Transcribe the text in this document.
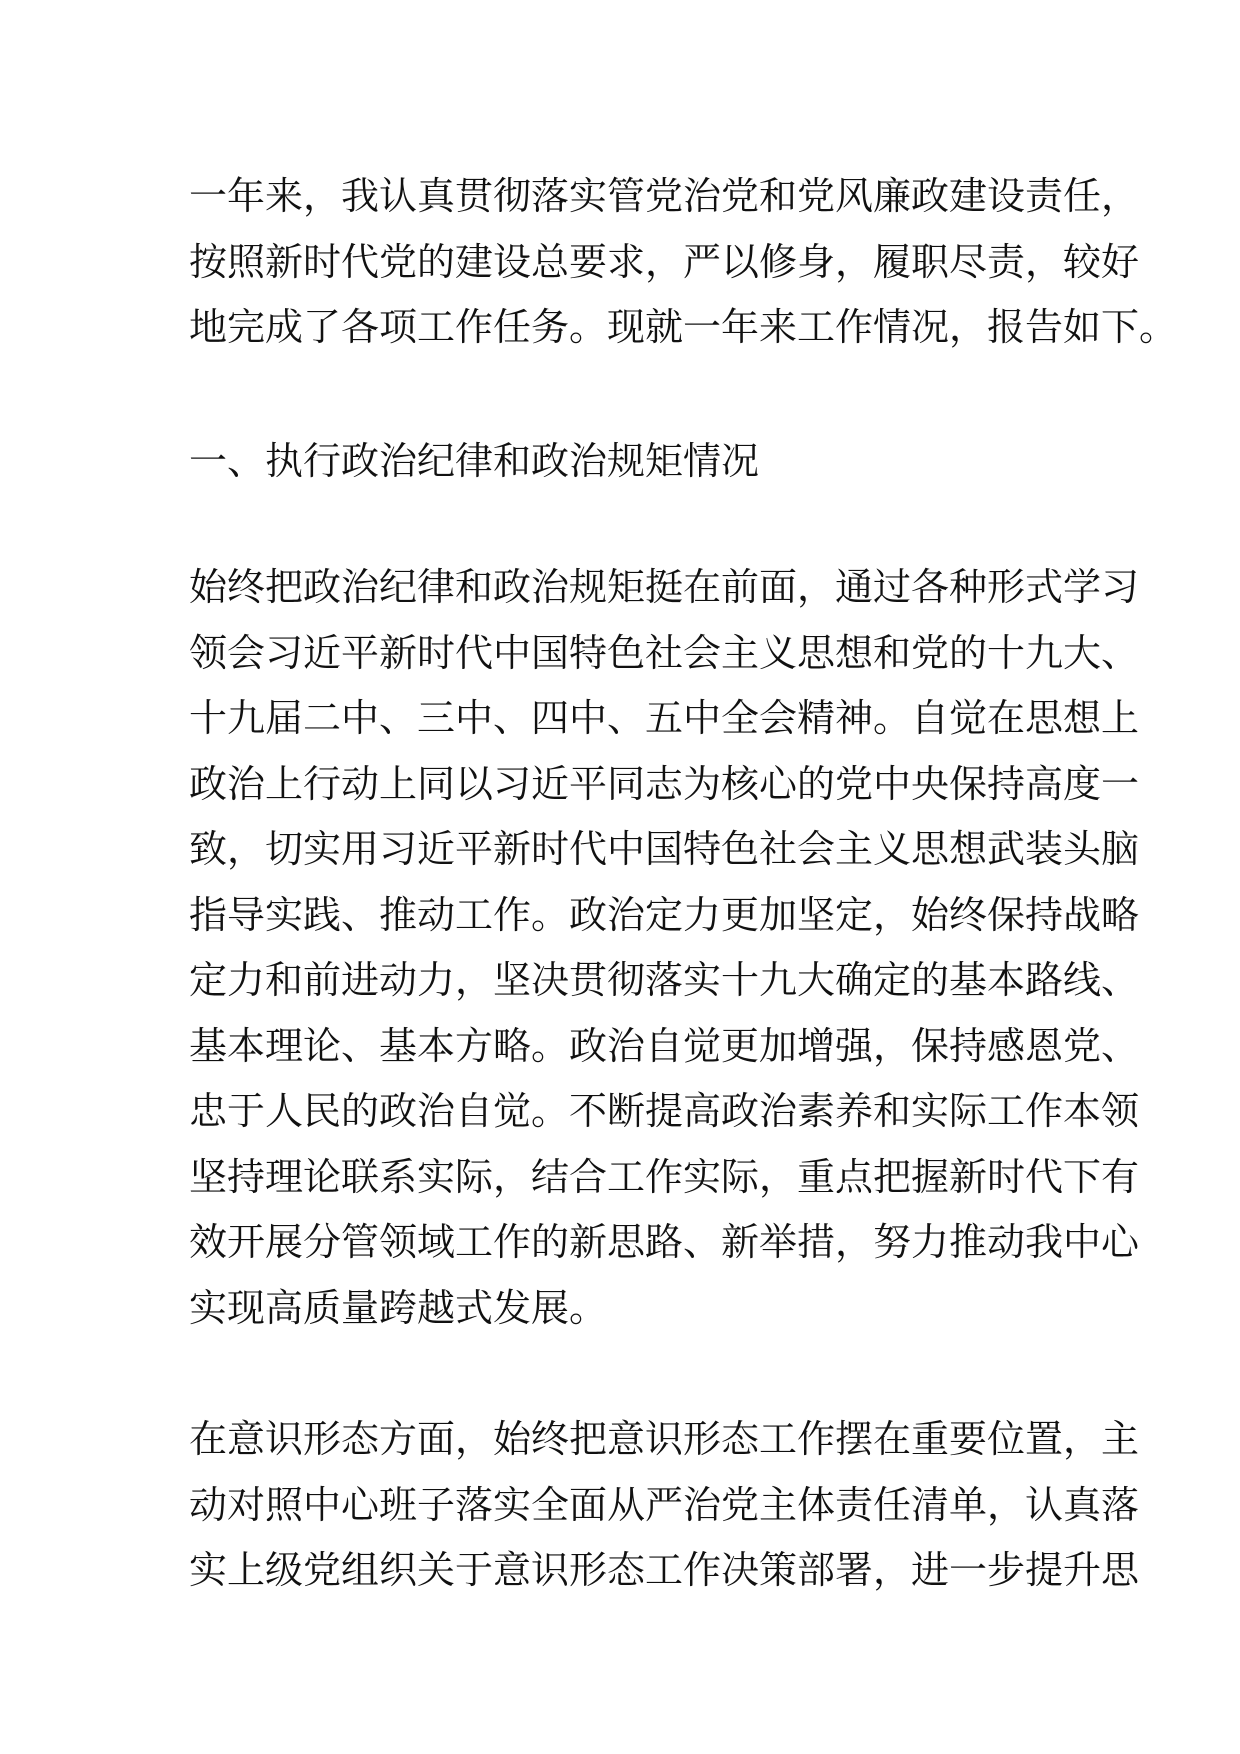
一年来，我认真贯彻落实管党治党和党风廉政建设责任，
按照新时代党的建设总要求，严以修身，履职尽责，较好
地完成了各项工作任务。现就一年来工作情况，报告如下。
一、执行政治纪律和政治规矩情况
始终把政治纪律和政治规矩挺在前面，通过各种形式学习
领会习近平新时代中国特色社会主义思想和党的十九大、
十九届二中、三中、四中、五中全会精神。自觉在思想上
政治上行动上同以习近平同志为核心的党中央保持高度一
致，切实用习近平新时代中国特色社会主义思想武装头脑
指导实践、推动工作。政治定力更加坚定，始终保持战略
定力和前进动力，坚决贯彻落实十九大确定的基本路线、
基本理论、基本方略。政治自觉更加增强，保持感恩党、
忠于人民的政治自觉。不断提高政治素养和实际工作本领
坚持理论联系实际，结合工作实际，重点把握新时代下有
效开展分管领域工作的新思路、新举措，努力推动我中心
实现高质量跨越式发展。
在意识形态方面，始终把意识形态工作摆在重要位置，主
动对照中心班子落实全面从严治党主体责任清单，认真落
实上级党组织关于意识形态工作决策部署，进一步提升思
